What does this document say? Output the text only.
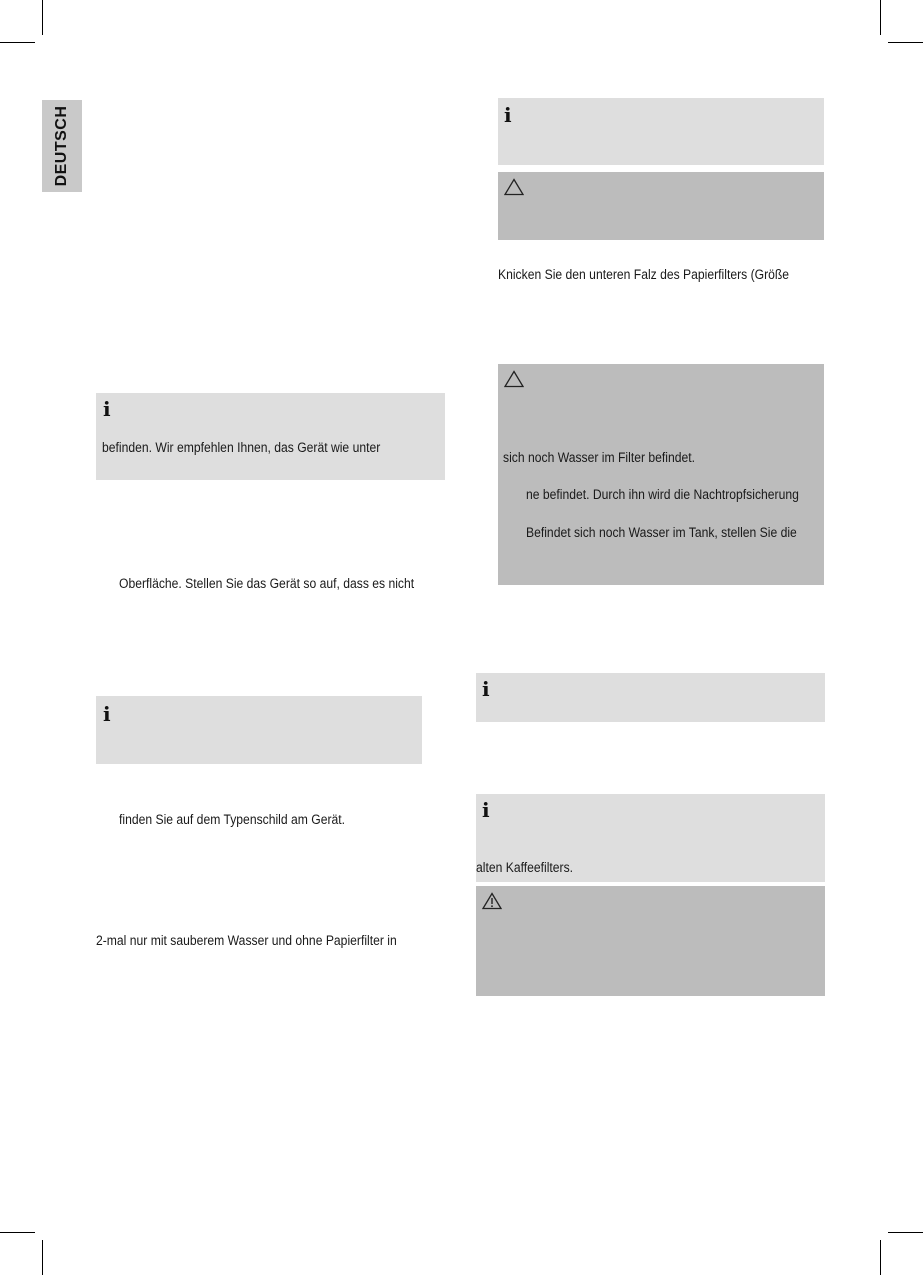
DEUTSCH
i
befinden. Wir empfehlen Ihnen, das Gerät wie unter
Oberfläche. Stellen Sie das Gerät so auf, dass es nicht
i
finden Sie auf dem Typenschild am Gerät.
2-mal nur mit sauberem Wasser und ohne Papierfilter in
i
Knicken Sie den unteren Falz des Papierfilters (Größe
sich noch Wasser im Filter befindet.
ne befindet. Durch ihn wird die Nachtropfsicherung
Befindet sich noch Wasser im Tank, stellen Sie die
i
i
alten Kaffeefilters.
